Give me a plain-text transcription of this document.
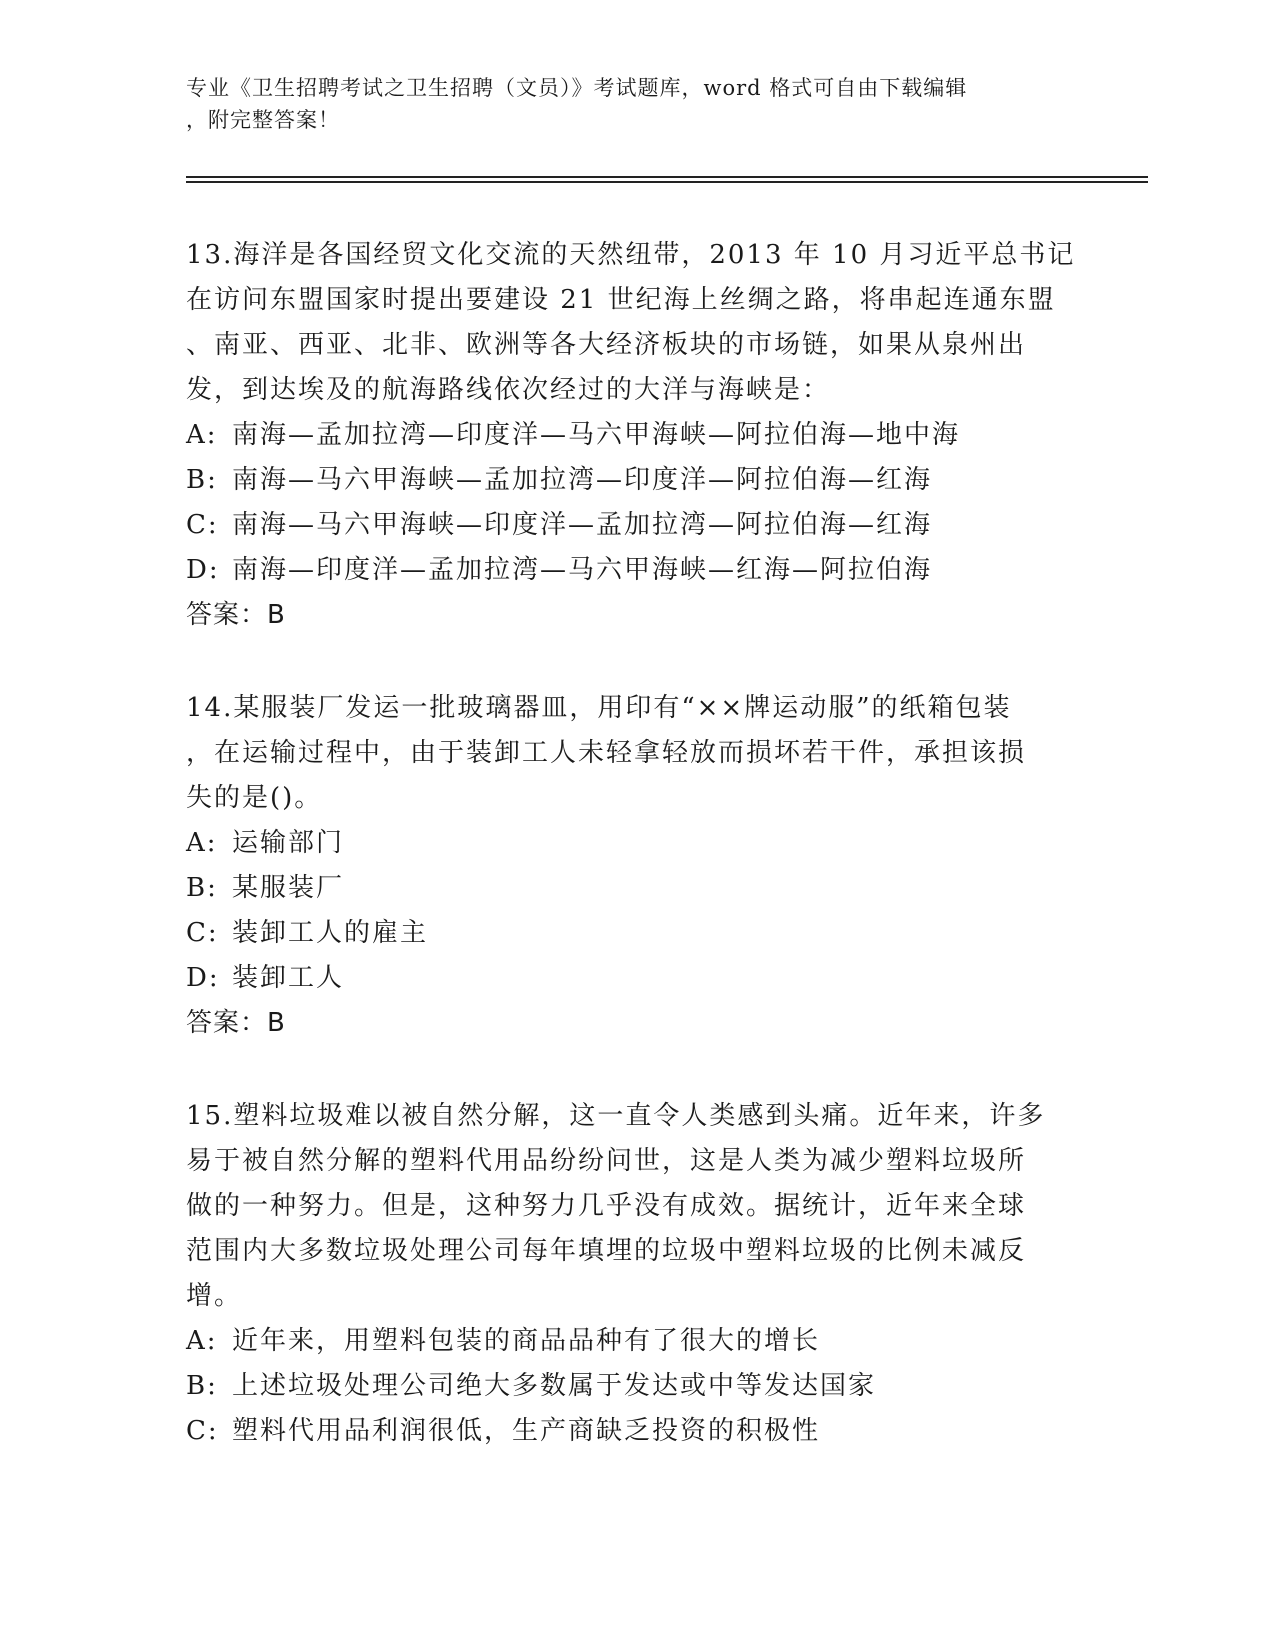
专业《卫生招聘考试之卫生招聘（文员）》考试题库，word 格式可自由下载编辑
，附完整答案！

13.海洋是各国经贸文化交流的天然纽带，2013 年 10 月习近平总书记
在访问东盟国家时提出要建设 21 世纪海上丝绸之路，将串起连通东盟
、南亚、西亚、北非、欧洲等各大经济板块的市场链，如果从泉州出
发，到达埃及的航海路线依次经过的大洋与海峡是：

A: 南海—孟加拉湾—印度洋—马六甲海峡—阿拉伯海—地中海

B: 南海—马六甲海峡—孟加拉湾—印度洋—阿拉伯海—红海

C: 南海—马六甲海峡—印度洋—孟加拉湾—阿拉伯海—红海

D: 南海—印度洋—孟加拉湾—马六甲海峡—红海—阿拉伯海

答案：B

14.某服装厂发运一批玻璃器皿，用印有“××牌运动服”的纸箱包装
，在运输过程中，由于装卸工人未轻拿轻放而损坏若干件，承担该损
失的是()。

A: 运输部门

B: 某服装厂

C: 装卸工人的雇主

D: 装卸工人

答案：B

15.塑料垃圾难以被自然分解，这一直令人类感到头痛。近年来，许多
易于被自然分解的塑料代用品纷纷问世，这是人类为减少塑料垃圾所
做的一种努力。但是，这种努力几乎没有成效。据统计，近年来全球
范围内大多数垃圾处理公司每年填埋的垃圾中塑料垃圾的比例未减反
增。

A: 近年来，用塑料包装的商品品种有了很大的增长

B: 上述垃圾处理公司绝大多数属于发达或中等发达国家

C: 塑料代用品利润很低，生产商缺乏投资的积极性
